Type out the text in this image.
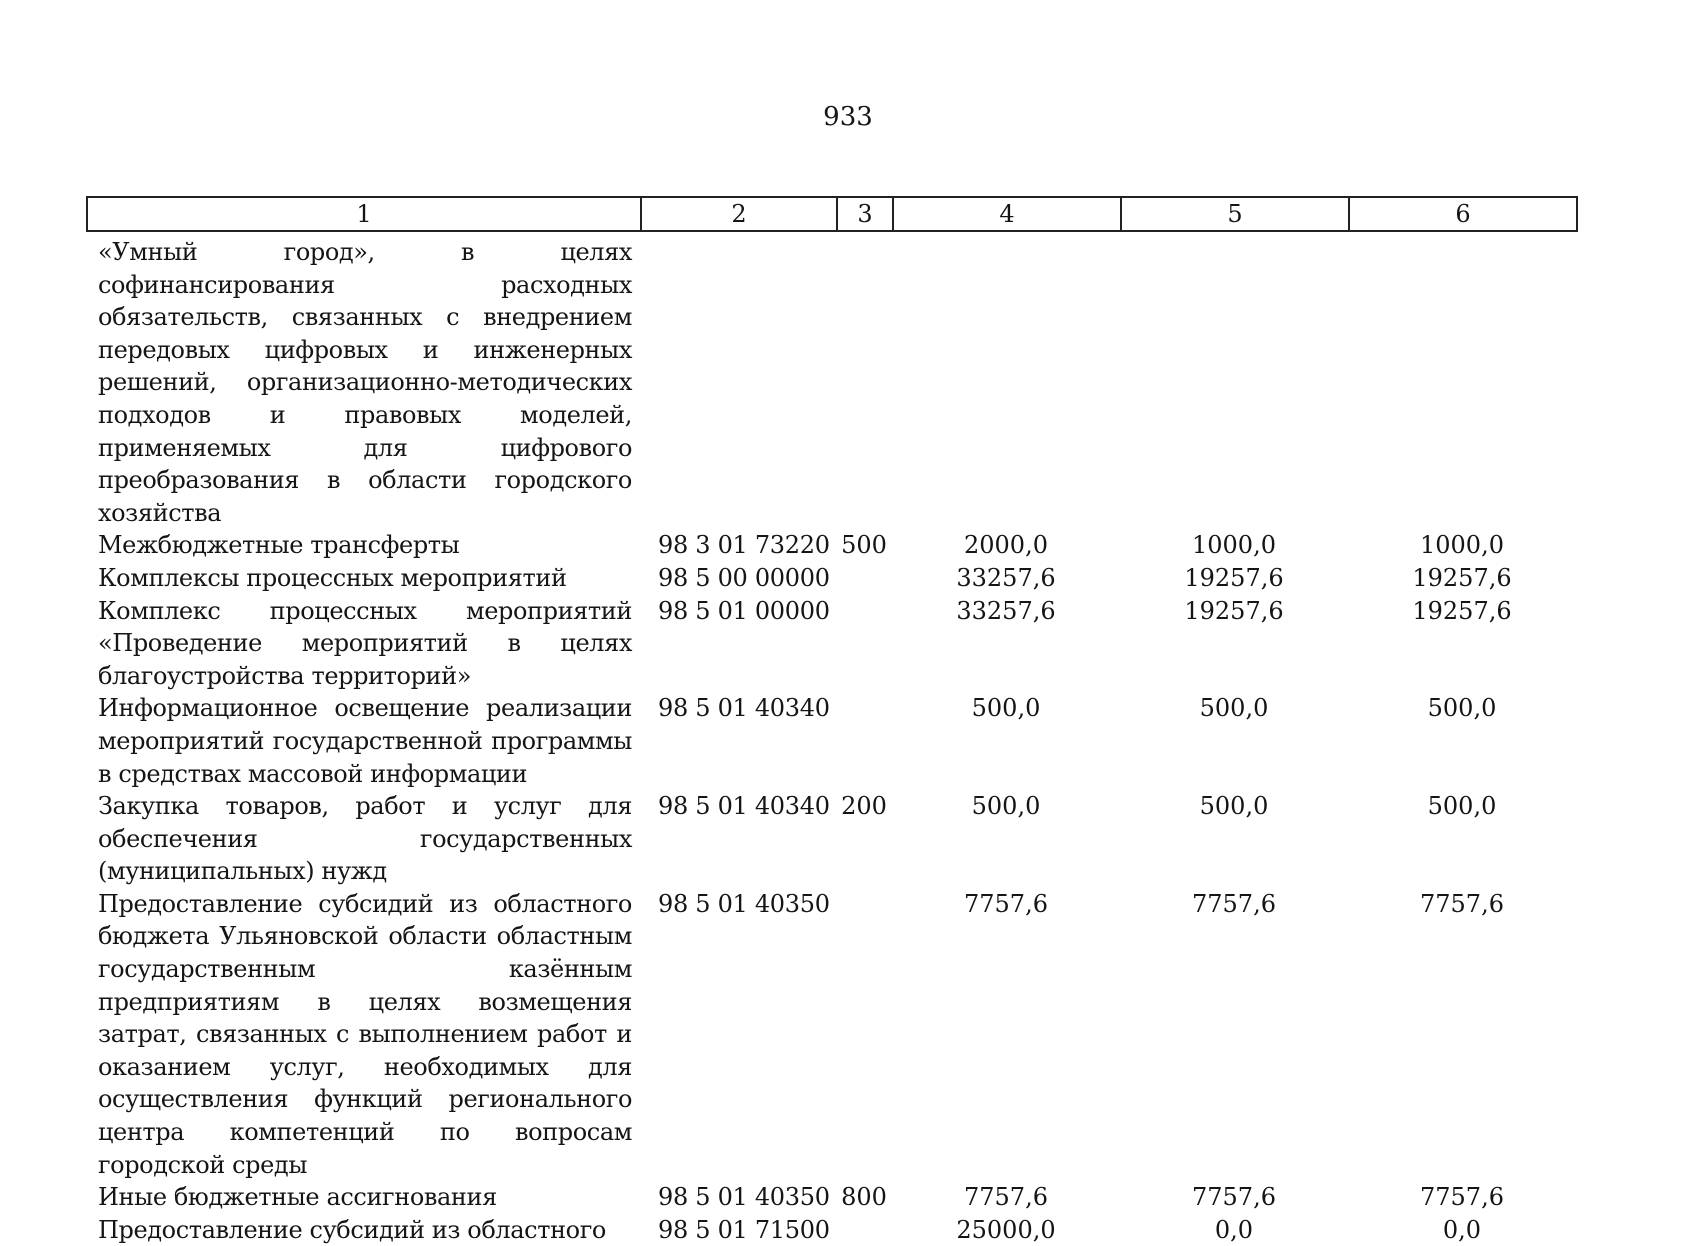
933
1	2	3	4	5	6
«Умный город», в целях софинансирования расходных обязательств, связанных с внедрением передовых цифровых и инженерных решений, организационно-методических подходов и правовых моделей, применяемых для цифрового преобразования в области городского хозяйства					
Межбюджетные трансферты	98 3 01 73220	500	2000,0	1000,0	1000,0
Комплексы процессных мероприятий	98 5 00 00000		33257,6	19257,6	19257,6
Комплекс процессных мероприятий «Проведение мероприятий в целях благоустройства территорий»	98 5 01 00000		33257,6	19257,6	19257,6
Информационное освещение реализации мероприятий государственной программы в средствах массовой информации	98 5 01 40340		500,0	500,0	500,0
Закупка товаров, работ и услуг для обеспечения государственных (муниципальных) нужд	98 5 01 40340	200	500,0	500,0	500,0
Предоставление субсидий из областного бюджета Ульяновской области областным государственным казённым предприятиям в целях возмещения затрат, связанных с выполнением работ и оказанием услуг, необходимых для осуществления функций регионального центра компетенций по вопросам городской среды	98 5 01 40350		7757,6	7757,6	7757,6
Иные бюджетные ассигнования	98 5 01 40350	800	7757,6	7757,6	7757,6
Предоставление субсидий из областного	98 5 01 71500		25000,0	0,0	0,0
